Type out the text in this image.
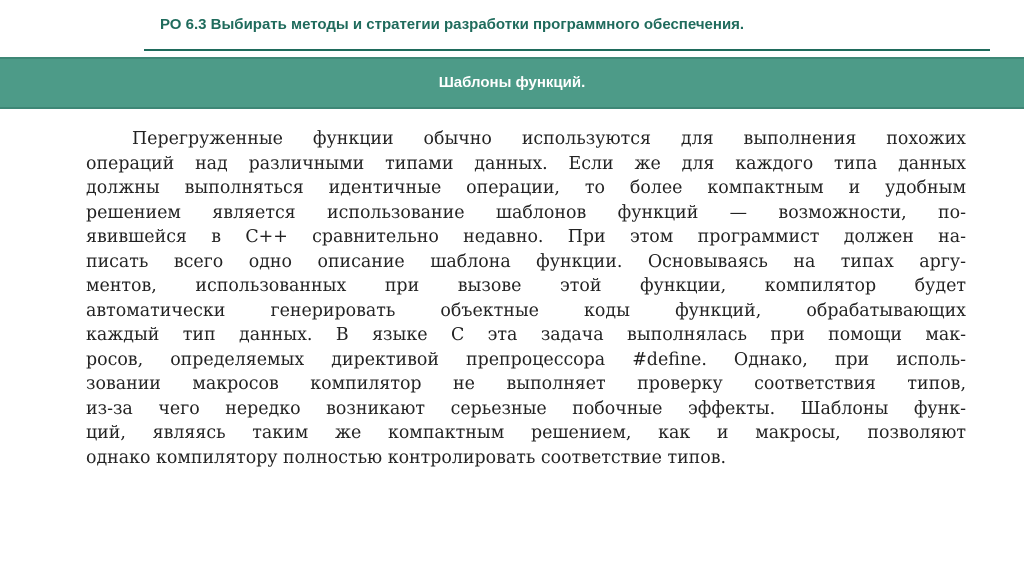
РО 6.3 Выбирать методы и стратегии разработки программного обеспечения.
Шаблоны функций.
Перегруженные функции обычно используются для выполнения похожих
операций над различными типами данных. Если же для каждого типа данных
должны выполняться идентичные операции, то более компактным и удобным
решением является использование шаблонов функций — возможности, по-
явившейся в C++ сравнительно недавно. При этом программист должен на-
писать всего одно описание шаблона функции. Основываясь на типах аргу-
ментов, использованных при вызове этой функции, компилятор будет
автоматически генерировать объектные коды функций, обрабатывающих
каждый тип данных. В языке C эта задача выполнялась при помощи мак-
росов, определяемых директивой препроцессора #define. Однако, при исполь-
зовании макросов компилятор не выполняет проверку соответствия типов,
из-за чего нередко возникают серьезные побочные эффекты. Шаблоны функ-
ций, являясь таким же компактным решением, как и макросы, позволяют
однако компилятору полностью контролировать соответствие типов.
